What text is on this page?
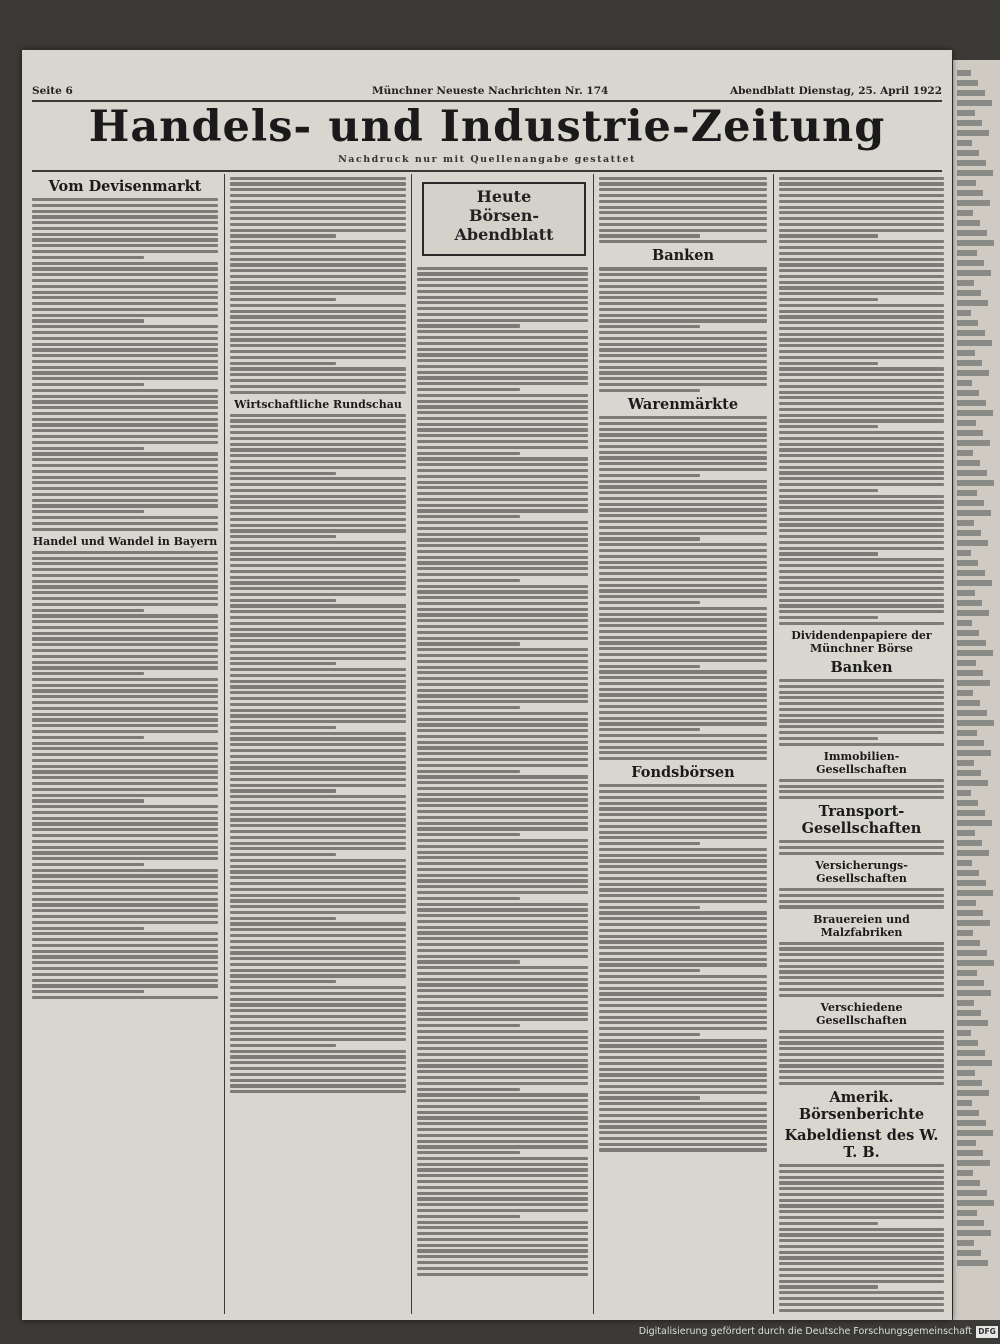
Seite 6	Münchner Neueste Nachrichten Nr. 174	Abendblatt Dienstag, 25. April 1922
Handels- und Industrie-Zeitung
Nachdruck nur mit Quellenangabe gestattet
Vom Devisenmarkt
Handel und Wandel in Bayern
Wirtschaftliche Rundschau
Banken
Warenmärkte
Fondsbörsen
Dividendenpapiere der Münchner Börse
Banken
Immobilien-Gesellschaften
Transport-Gesellschaften
Versicherungs-Gesellschaften
Brauereien und Malzfabriken
Verschiedene Gesellschaften
Amerik. Börsenberichte
Kabeldienst des W. T. B.
Heute
Börsen-Abendblatt
Digitalisierung gefördert durch die Deutsche Forschungsgemeinschaft DFG
